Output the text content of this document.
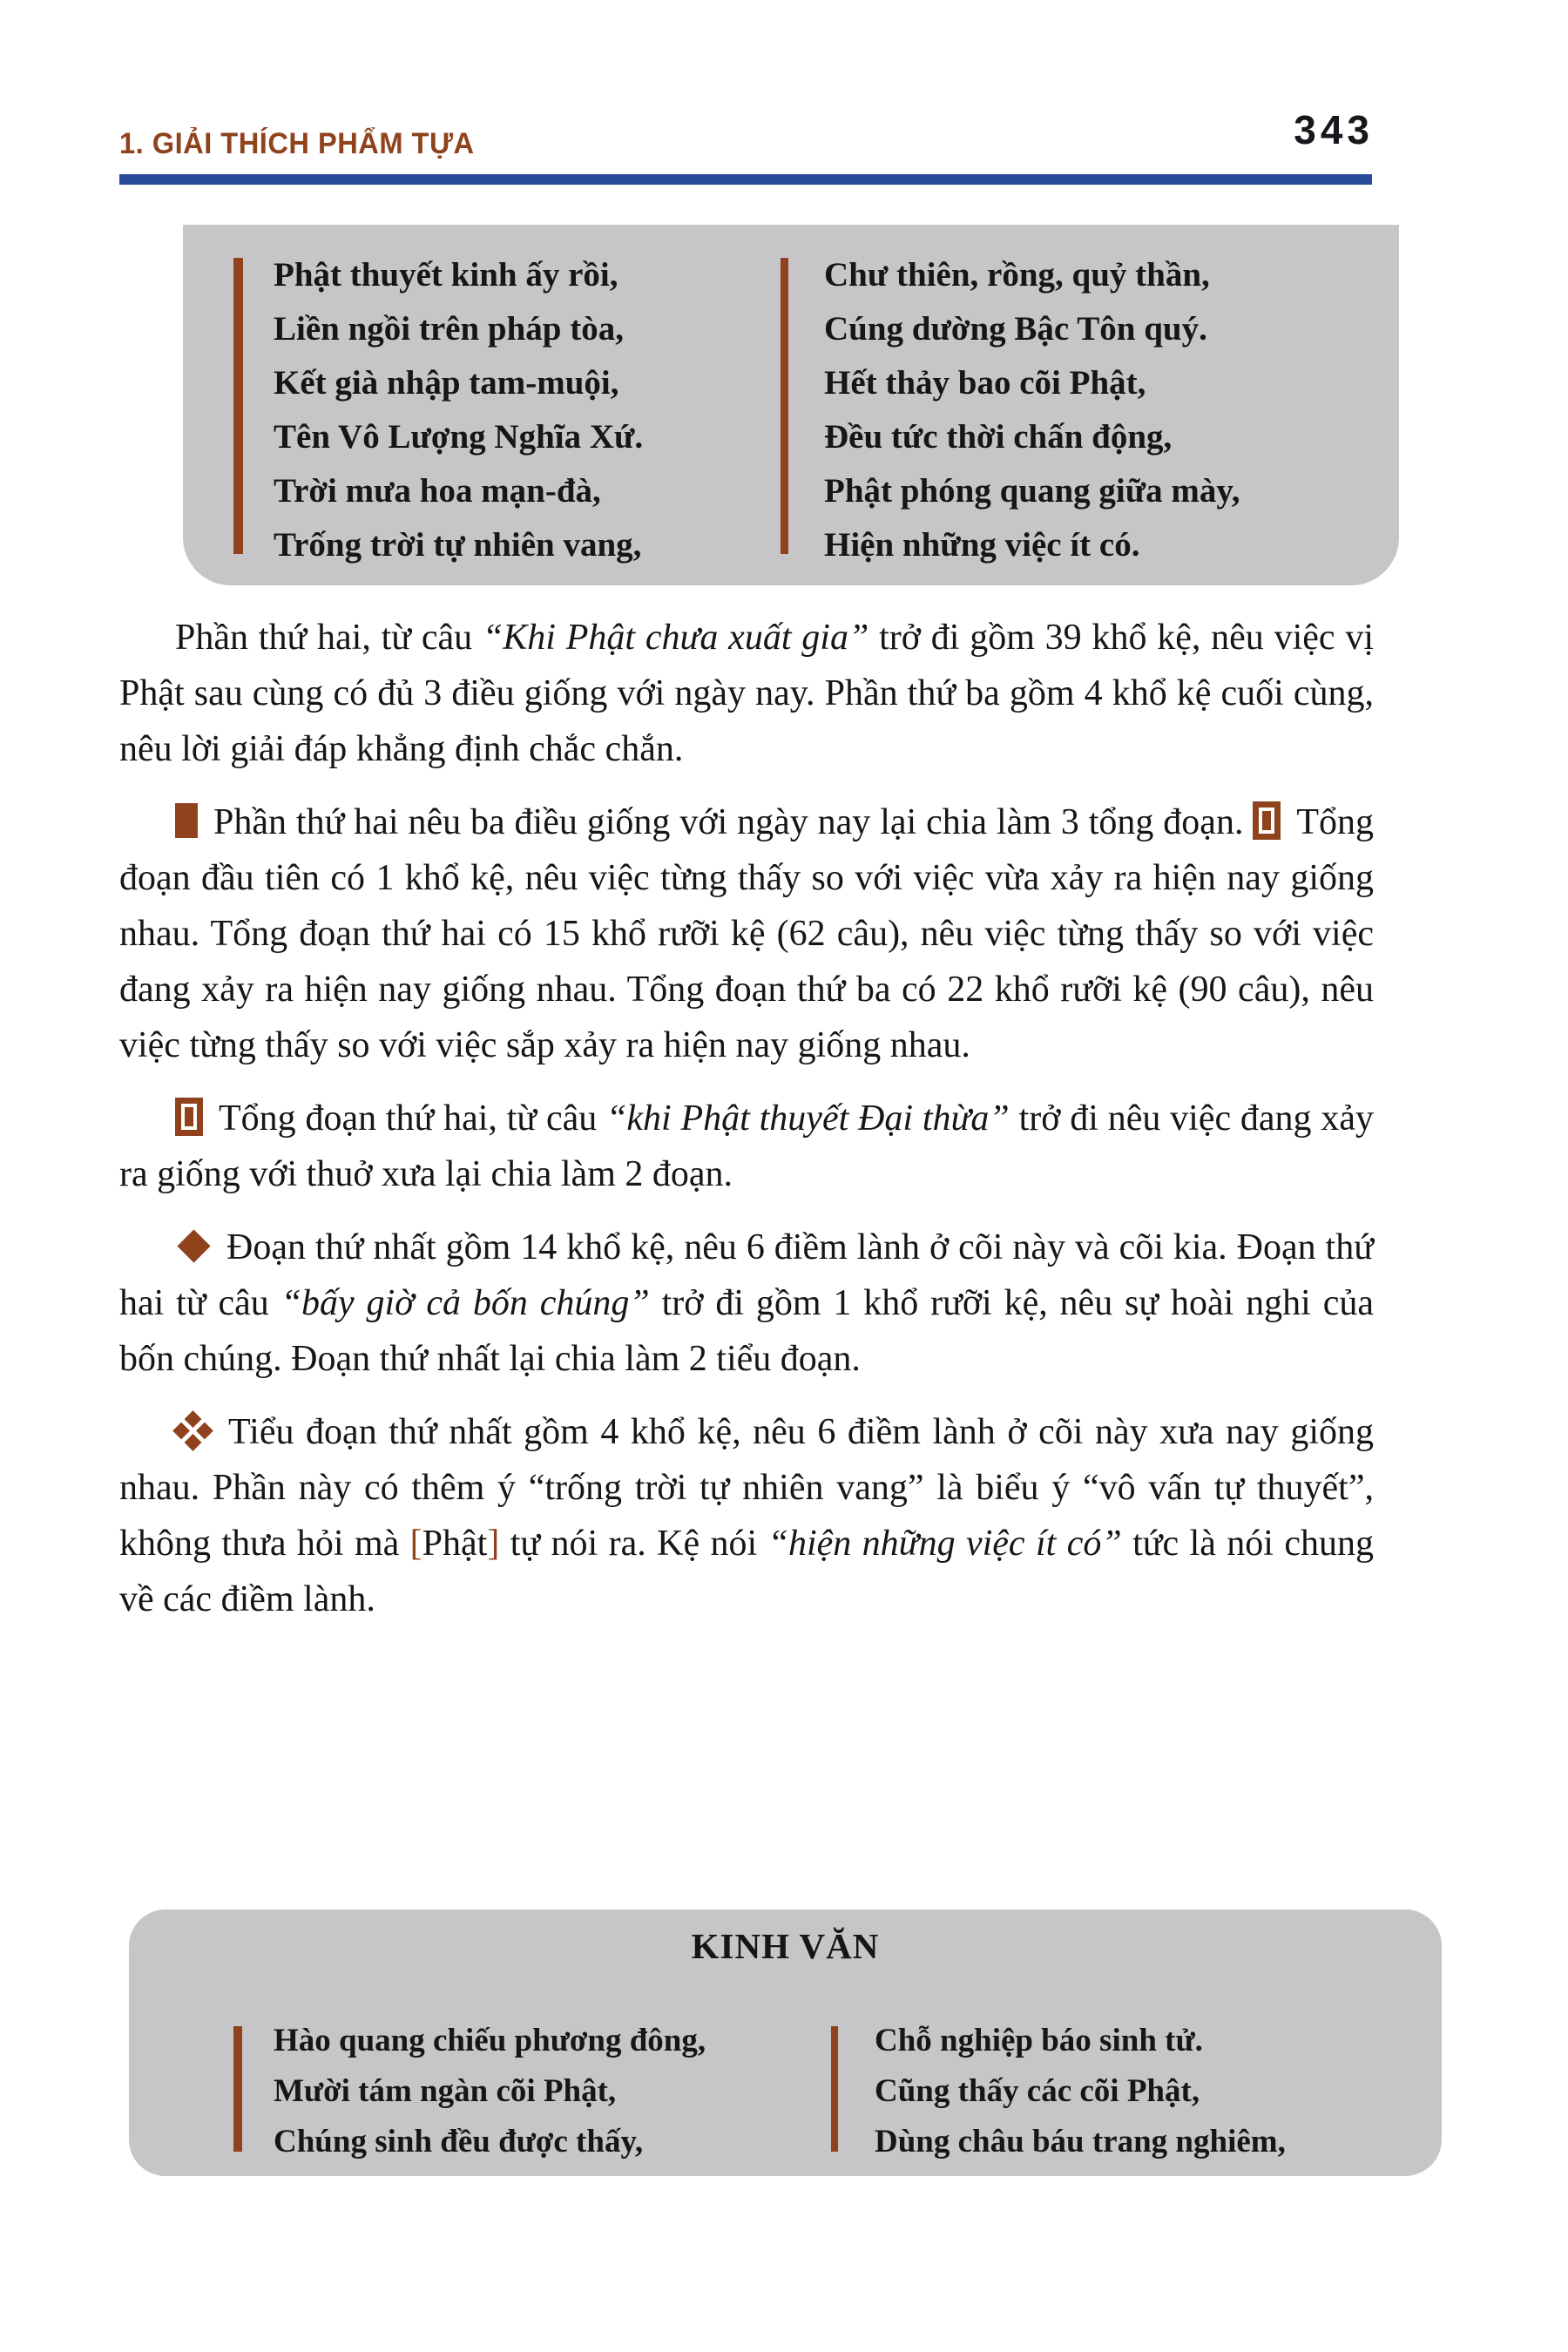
1. GIẢI THÍCH PHẨM TỰA	343
Phật thuyết kinh ấy rồi,
Liền ngồi trên pháp tòa,
Kết già nhập tam-muội,
Tên Vô Lượng Nghĩa Xứ.
Trời mưa hoa mạn-đà,
Trống trời tự nhiên vang,
Chư thiên, rồng, quỷ thần,
Cúng dường Bậc Tôn quý.
Hết thảy bao cõi Phật,
Đều tức thời chấn động,
Phật phóng quang giữa mày,
Hiện những việc ít có.

Phần thứ hai, từ câu “Khi Phật chưa xuất gia” trở đi gồm 39 khổ kệ, nêu việc vị Phật sau cùng có đủ 3 điều giống với ngày nay. Phần thứ ba gồm 4 khổ kệ cuối cùng, nêu lời giải đáp khẳng định chắc chắn.

Phần thứ hai nêu ba điều giống với ngày nay lại chia làm 3 tổng đoạn. Tổng đoạn đầu tiên có 1 khổ kệ, nêu việc từng thấy so với việc vừa xảy ra hiện nay giống nhau. Tổng đoạn thứ hai có 15 khổ rưỡi kệ (62 câu), nêu việc từng thấy so với việc đang xảy ra hiện nay giống nhau. Tổng đoạn thứ ba có 22 khổ rưỡi kệ (90 câu), nêu việc từng thấy so với việc sắp xảy ra hiện nay giống nhau.

Tổng đoạn thứ hai, từ câu “khi Phật thuyết Đại thừa” trở đi nêu việc đang xảy ra giống với thuở xưa lại chia làm 2 đoạn.

Đoạn thứ nhất gồm 14 khổ kệ, nêu 6 điềm lành ở cõi này và cõi kia. Đoạn thứ hai từ câu “bấy giờ cả bốn chúng” trở đi gồm 1 khổ rưỡi kệ, nêu sự hoài nghi của bốn chúng. Đoạn thứ nhất lại chia làm 2 tiểu đoạn.

Tiểu đoạn thứ nhất gồm 4 khổ kệ, nêu 6 điềm lành ở cõi này xưa nay giống nhau. Phần này có thêm ý “trống trời tự nhiên vang” là biểu ý “vô vấn tự thuyết”, không thưa hỏi mà [Phật] tự nói ra. Kệ nói “hiện những việc ít có” tức là nói chung về các điềm lành.

KINH VĂN
Hào quang chiếu phương đông,
Mười tám ngàn cõi Phật,
Chúng sinh đều được thấy,
Chỗ nghiệp báo sinh tử.
Cũng thấy các cõi Phật,
Dùng châu báu trang nghiêm,
